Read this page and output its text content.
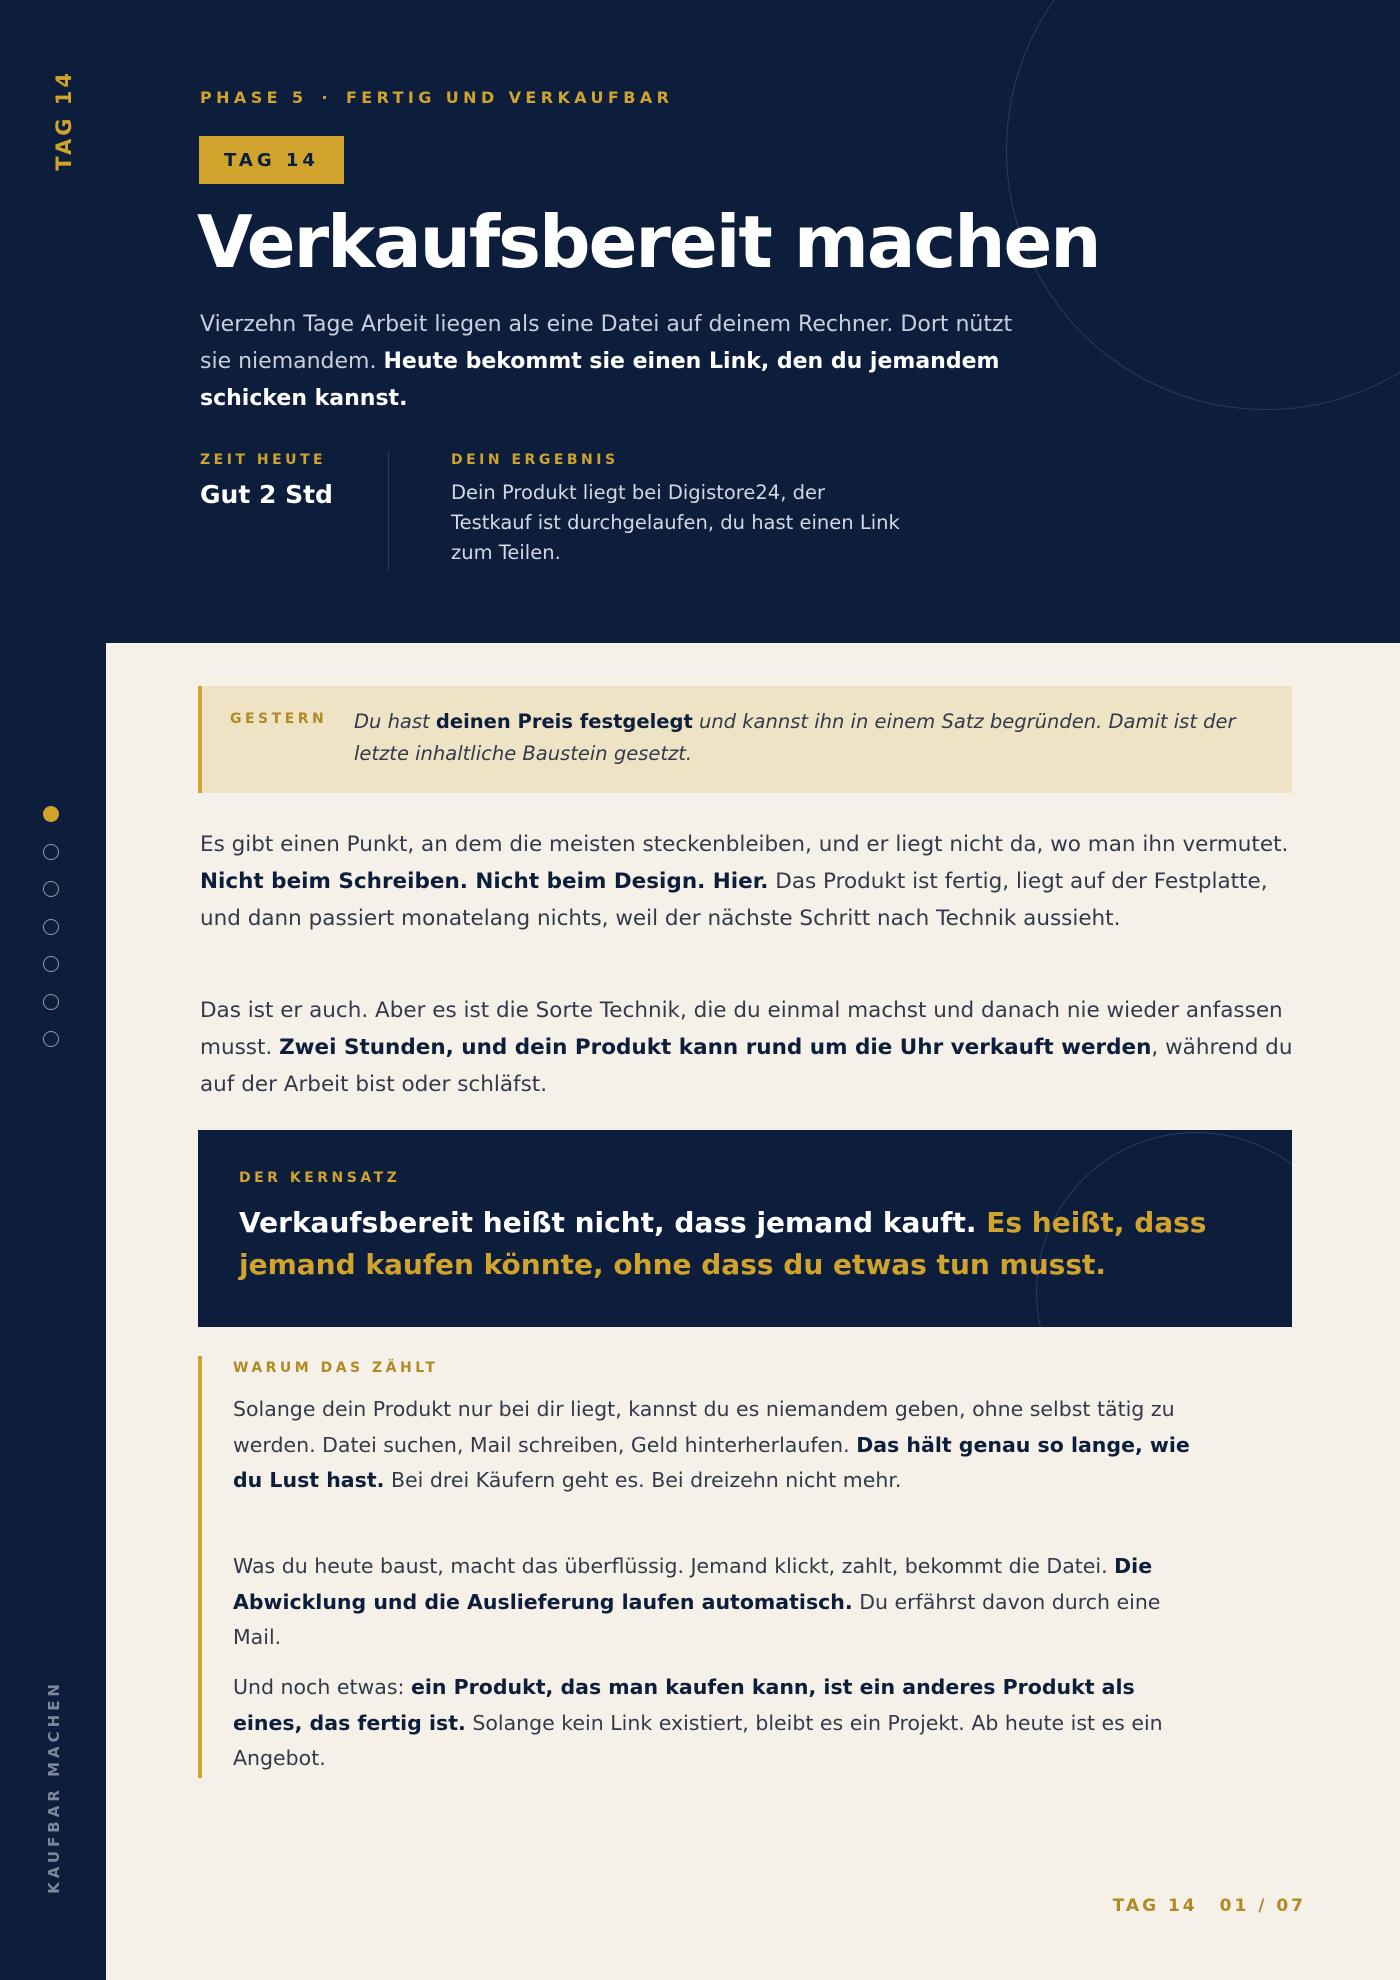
PHASE 5 · FERTIG UND VERKAUFBAR
TAG 14
Verkaufsbereit machen

Vierzehn Tage Arbeit liegen als eine Datei auf deinem Rechner. Dort nützt sie niemandem. Heute bekommt sie einen Link, den du jemandem schicken kannst.

ZEIT HEUTE
Gut 2 Std
DEIN ERGEBNIS
Dein Produkt liegt bei Digistore24, der Testkauf ist durchgelaufen, du hast einen Link zum Teilen.
TAG 14
KAUFBAR MACHEN
GESTERN Du hast deinen Preis festgelegt und kannst ihn in einem Satz begründen. Damit ist der letzte inhaltliche Baustein gesetzt.

Es gibt einen Punkt, an dem die meisten steckenbleiben, und er liegt nicht da, wo man ihn vermutet. Nicht beim Schreiben. Nicht beim Design. Hier. Das Produkt ist fertig, liegt auf der Festplatte, und dann passiert monatelang nichts, weil der nächste Schritt nach Technik aussieht.

Das ist er auch. Aber es ist die Sorte Technik, die du einmal machst und danach nie wieder anfassen musst. Zwei Stunden, und dein Produkt kann rund um die Uhr verkauft werden, während du auf der Arbeit bist oder schläfst.

DER KERNSATZ

Verkaufsbereit heißt nicht, dass jemand kauft. Es heißt, dass jemand kaufen könnte, ohne dass du etwas tun musst.

WARUM DAS ZÄHLT

Solange dein Produkt nur bei dir liegt, kannst du es niemandem geben, ohne selbst tätig zu werden. Datei suchen, Mail schreiben, Geld hinterherlaufen. Das hält genau so lange, wie du Lust hast. Bei drei Käufern geht es. Bei dreizehn nicht mehr.

Was du heute baust, macht das überflüssig. Jemand klickt, zahlt, bekommt die Datei. Die Abwicklung und die Auslieferung laufen automatisch. Du erfährst davon durch eine Mail.

Und noch etwas: ein Produkt, das man kaufen kann, ist ein anderes Produkt als eines, das fertig ist. Solange kein Link existiert, bleibt es ein Projekt. Ab heute ist es ein Angebot.

TAG 14 01 / 07
